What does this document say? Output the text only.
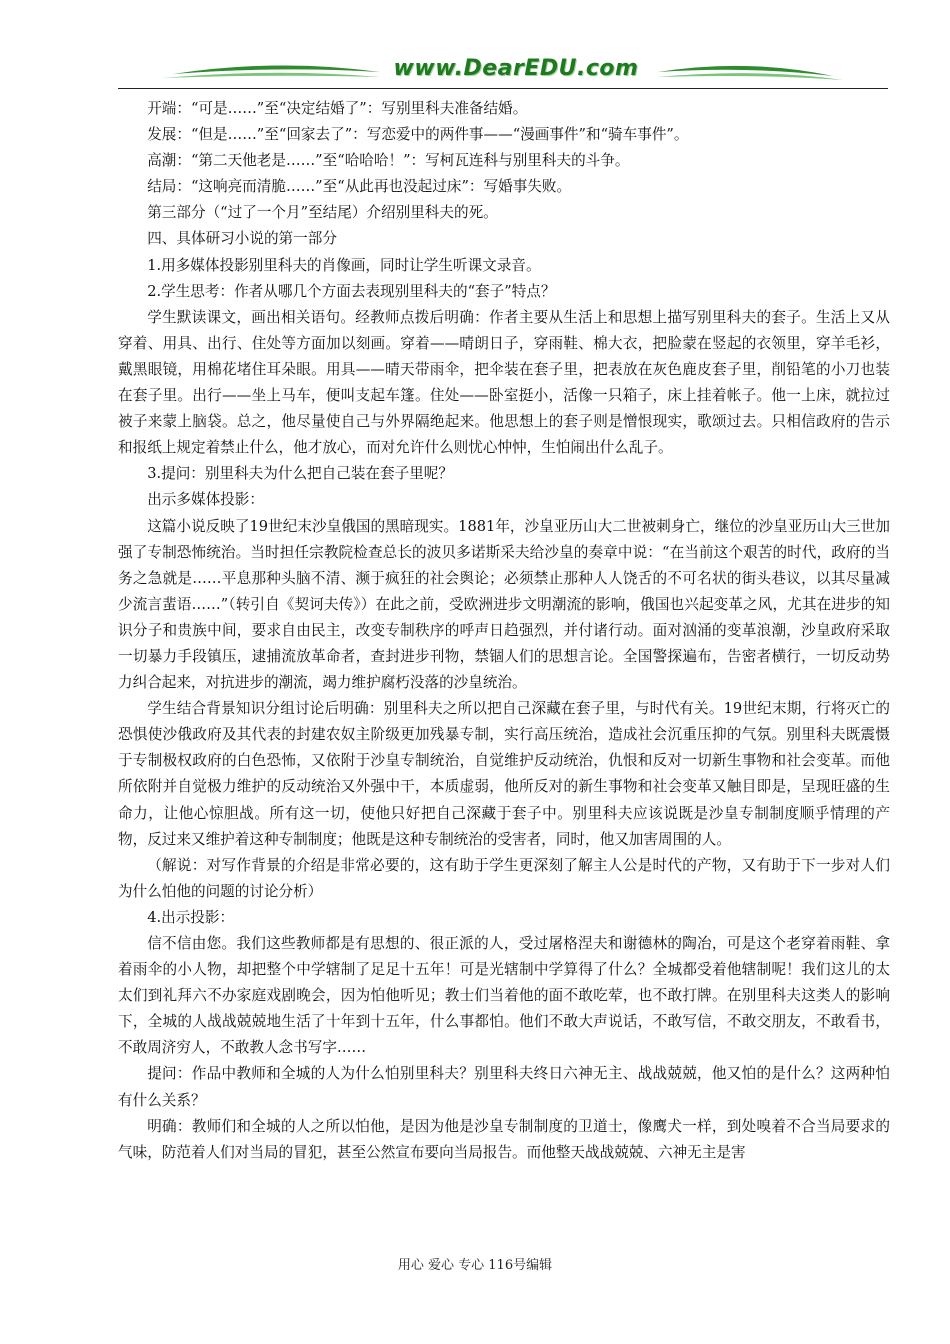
www.DearEDU.com

开端：“可是……”至“决定结婚了”：写别里科夫准备结婚。

发展：“但是……”至“回家去了”：写恋爱中的两件事——“漫画事件”和“骑车事件”。

高潮：“第二天他老是……”至“哈哈哈！”：写柯瓦连科与别里科夫的斗争。

结局：“这响亮而清脆……”至“从此再也没起过床”：写婚事失败。

第三部分（“过了一个月”至结尾）介绍别里科夫的死。

四、具体研习小说的第一部分

1.用多媒体投影别里科夫的肖像画，同时让学生听课文录音。

2.学生思考：作者从哪几个方面去表现别里科夫的“套子”特点？

学生默读课文，画出相关语句。经教师点拨后明确：作者主要从生活上和思想上描写别里科夫的套子。生活上又从穿着、用具、出行、住处等方面加以刻画。穿着——晴朗日子，穿雨鞋、棉大衣，把脸蒙在竖起的衣领里，穿羊毛衫，戴黑眼镜，用棉花堵住耳朵眼。用具——晴天带雨伞，把伞装在套子里，把表放在灰色鹿皮套子里，削铅笔的小刀也装在套子里。出行——坐上马车，便叫支起车篷。住处——卧室挺小，活像一只箱子，床上挂着帐子。他一上床，就拉过被子来蒙上脑袋。总之，他尽量使自己与外界隔绝起来。他思想上的套子则是憎恨现实，歌颂过去。只相信政府的告示和报纸上规定着禁止什么，他才放心，而对允许什么则忧心忡忡，生怕闹出什么乱子。

3.提问：别里科夫为什么把自己装在套子里呢？

出示多媒体投影：

这篇小说反映了19世纪末沙皇俄国的黑暗现实。1881年，沙皇亚历山大二世被刺身亡，继位的沙皇亚历山大三世加强了专制恐怖统治。当时担任宗教院检查总长的波贝多诺斯采夫给沙皇的奏章中说：“在当前这个艰苦的时代，政府的当务之急就是……平息那种头脑不清、濒于疯狂的社会舆论；必须禁止那种人人饶舌的不可名状的街头巷议，以其尽量减少流言蜚语……”（转引自《契诃夫传》）在此之前，受欧洲进步文明潮流的影响，俄国也兴起变革之风，尤其在进步的知识分子和贵族中间，要求自由民主，改变专制秩序的呼声日趋强烈，并付诸行动。面对汹涌的变革浪潮，沙皇政府采取一切暴力手段镇压，逮捕流放革命者，查封进步刊物，禁锢人们的思想言论。全国警探遍布，告密者横行，一切反动势力纠合起来，对抗进步的潮流，竭力维护腐朽没落的沙皇统治。

学生结合背景知识分组讨论后明确：别里科夫之所以把自己深藏在套子里，与时代有关。19世纪末期，行将灭亡的恐惧使沙俄政府及其代表的封建农奴主阶级更加残暴专制，实行高压统治，造成社会沉重压抑的气氛。别里科夫既震慑于专制极权政府的白色恐怖，又依附于沙皇专制统治，自觉维护反动统治，仇恨和反对一切新生事物和社会变革。而他所依附并自觉极力维护的反动统治又外强中干，本质虚弱，他所反对的新生事物和社会变革又触目即是，呈现旺盛的生命力，让他心惊胆战。所有这一切，使他只好把自己深藏于套子中。别里科夫应该说既是沙皇专制制度顺乎情理的产物，反过来又维护着这种专制制度；他既是这种专制统治的受害者，同时，他又加害周围的人。

（解说：对写作背景的介绍是非常必要的，这有助于学生更深刻了解主人公是时代的产物，又有助于下一步对人们为什么怕他的问题的讨论分析）

4.出示投影：

信不信由您。我们这些教师都是有思想的、很正派的人，受过屠格涅夫和谢德林的陶冶，可是这个老穿着雨鞋、拿着雨伞的小人物，却把整个中学辖制了足足十五年！可是光辖制中学算得了什么？全城都受着他辖制呢！我们这儿的太太们到礼拜六不办家庭戏剧晚会，因为怕他听见；教士们当着他的面不敢吃荤，也不敢打牌。在别里科夫这类人的影响下，全城的人战战兢兢地生活了十年到十五年，什么事都怕。他们不敢大声说话，不敢写信，不敢交朋友，不敢看书，不敢周济穷人，不敢教人念书写字……

提问：作品中教师和全城的人为什么怕别里科夫？别里科夫终日六神无主、战战兢兢，他又怕的是什么？这两种怕有什么关系？

明确：教师们和全城的人之所以怕他，是因为他是沙皇专制制度的卫道士，像鹰犬一样，到处嗅着不合当局要求的气味，防范着人们对当局的冒犯，甚至公然宣布要向当局报告。而他整天战战兢兢、六神无主是害

用心 爱心 专心 116号编辑
